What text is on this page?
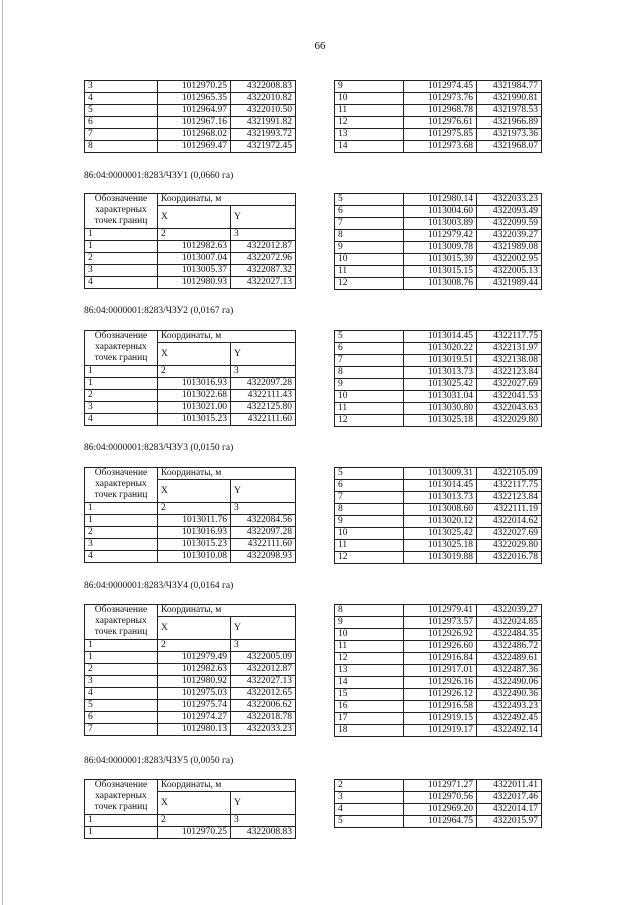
66
3	1012970.25	4322008.83
4	1012965.35	4322010.82
5	1012964.97	4322010.50
6	1012967.16	4321991.82
7	1012968.02	4321993.72
8	1012969.47	4321972.45
9	1012974.45	4321984.77
10	1012973.76	4321990.81
11	1012968.78	4321978.53
12	1012976.61	4321966.89
13	1012975.85	4321973.36
14	1012973.68	4321968.07
86:04:0000001:8283/ЧЗУ1 (0,0660 га)
Обозначение характерных точек границ	Координаты, м	
	X	Y
1	2	3
1	1012982.63	4322012.87
2	1013007.04	4322072.96
3	1013005.37	4322087.32
4	1012980.93	4322027.13
5	1012980.14	4322033.23
6	1013004.60	4322093.49
7	1013003.89	4322099.59
8	1012979.42	4322039.27
9	1013009.78	4321989.08
10	1013015.39	4322002.95
11	1013015.15	4322005.13
12	1013008.76	4321989.44
86:04:0000001:8283/ЧЗУ2 (0,0167 га)
Обозначение характерных точек границ	Координаты, м	
	X	Y
1	2	3
1	1013016.93	4322097.28
2	1013022.68	4322111.43
3	1013021.00	4322125.80
4	1013015.23	4322111.60
5	1013014.45	4322117.75
6	1013020.22	4322131.97
7	1013019.51	4322138.08
8	1013013.73	4322123.84
9	1013025.42	4322027.69
10	1013031.04	4322041.53
11	1013030.80	4322043.63
12	1013025.18	4322029.80
86:04:0000001:8283/ЧЗУ3 (0,0150 га)
Обозначение характерных точек границ	Координаты, м	
	X	Y
1	2	3
1	1013011.76	4322084.56
2	1013016.93	4322097.28
3	1013015.23	4322111.60
4	1013010.08	4322098.93
5	1013009.31	4322105.09
6	1013014.45	4322117.75
7	1013013.73	4322123.84
8	1013008.60	4322111.19
9	1013020.12	4322014.62
10	1013025.42	4322027.69
11	1013025.18	4322029.80
12	1013019.88	4322016.78
86:04:0000001:8283/ЧЗУ4 (0,0164 га)
Обозначение характерных точек границ	Координаты, м	
	X	Y
1	2	3
1	1012979.49	4322005.09
2	1012982.63	4322012.87
3	1012980.92	4322027.13
4	1012975.03	4322012.65
5	1012975.74	4322006.62
6	1012974.27	4322018.78
7	1012980.13	4322033.23
8	1012979.41	4322039.27
9	1012973.57	4322024.85
10	1012926.92	4322484.35
11	1012926.60	4322486.72
12	1012916.84	4322489.61
13	1012917.01	4322487.36
14	1012926.16	4322490.06
15	1012926.12	4322490.36
16	1012916.58	4322493.23
17	1012919.15	4322492.45
18	1012919.17	4322492.14
86:04:0000001:8283/ЧЗУ5 (0,0050 га)
Обозначение характерных точек границ	Координаты, м	
	X	Y
1	2	3
1	1012970.25	4322008.83
2	1012971.27	4322011.41
3	1012970.56	4322017.46
4	1012969.20	4322014.17
5	1012964.75	4322015.97
